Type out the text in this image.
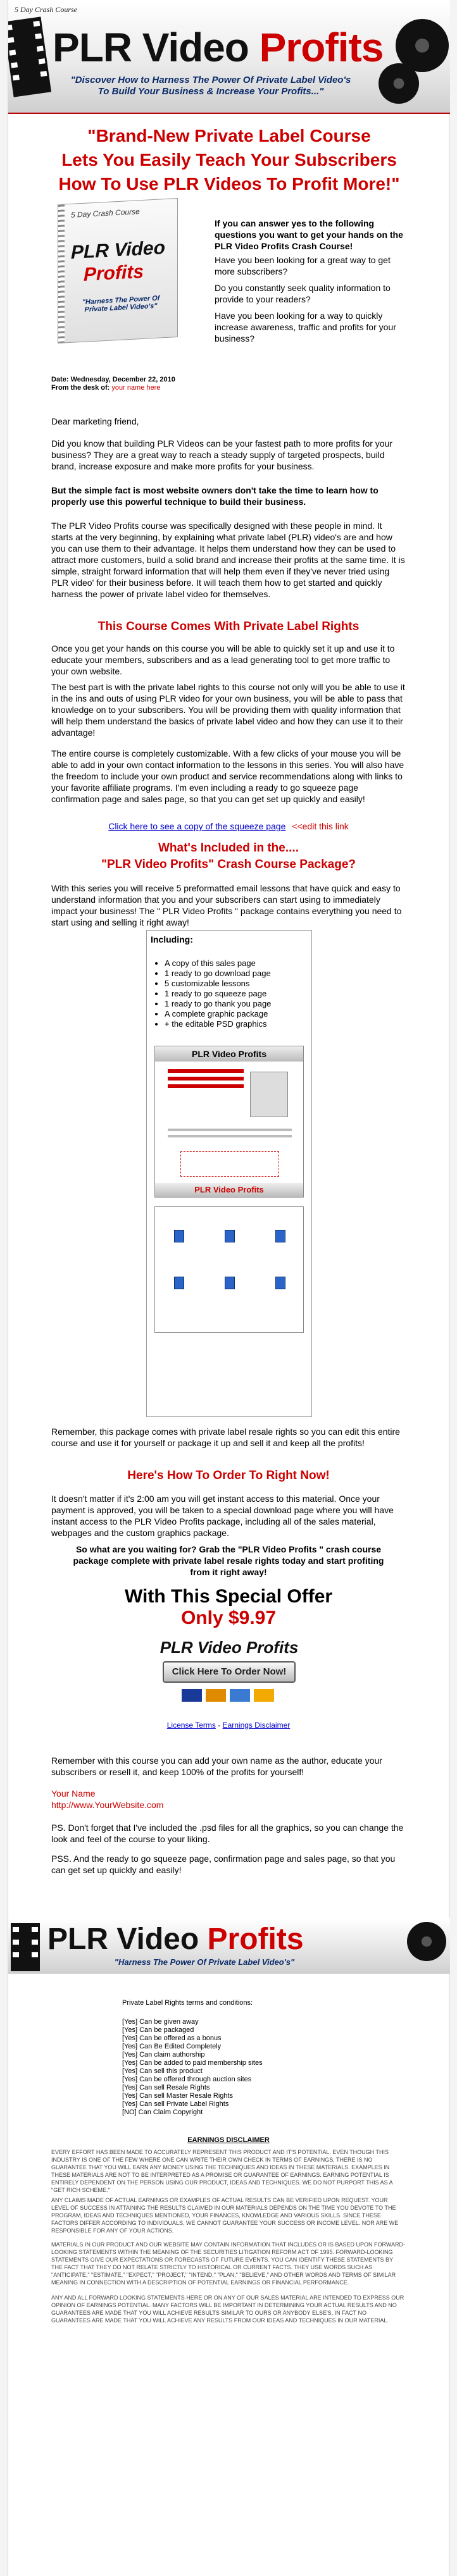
5 Day Crash Course
PLR Video Profits
"Discover How to Harness The Power Of Private Label Video's
To Build Your Business & Increase Your Profits..."
"Brand-New Private Label Course
Lets You Easily Teach Your Subscribers
How To Use PLR Videos To Profit More!"
5 Day Crash Course
PLR Video
Profits
"Harness The Power Of Private Label Video's"
If you can answer yes to the following questions you want to get your hands on the PLR Video Profits Crash Course!
Have you been looking for a great way to get more subscribers?
Do you constantly seek quality information to provide to your readers?
Have you been looking for a way to quickly increase awareness, traffic and profits for your business?
Date: Wednesday, December 22, 2010
From the desk of: your name here
Dear marketing friend,
Did you know that building PLR Videos can be your fastest path to more profits for your business? They are a great way to reach a steady supply of targeted prospects, build brand, increase exposure and make more profits for your business.
But the simple fact is most website owners don't take the time to learn how to properly use this powerful technique to build their business.
The PLR Video Profits course was specifically designed with these people in mind. It starts at the very beginning, by explaining what private label (PLR) video's are and how you can use them to their advantage. It helps them understand how they can be used to attract more customers, build a solid brand and increase their profits at the same time. It is simple, straight forward information that will help them even if they've never tried using PLR video' for their business before. It will teach them how to get started and quickly harness the power of private label video for themselves.
This Course Comes With Private Label Rights
Once you get your hands on this course you will be able to quickly set it up and use it to educate your members, subscribers and as a lead generating tool to get more traffic to your own website.
The best part is with the private label rights to this course not only will you be able to use it in the ins and outs of using PLR video for your own business, you will be able to pass that knowledge on to your subscribers. You will be providing them with quality information that will help them understand the basics of private label video and how they can use it to their advantage!
The entire course is completely customizable. With a few clicks of your mouse you will be able to add in your own contact information to the lessons in this series. You will also have the freedom to include your own product and service recommendations along with links to your favorite affiliate programs. I'm even including a ready to go squeeze page confirmation page and sales page, so that you can get set up quickly and easily!
Click here to see a copy of the squeeze page <<edit this link
What's Included in the....
"PLR Video Profits" Crash Course Package?
With this series you will receive 5 preformatted email lessons that have quick and easy to understand information that you and your subscribers can start using to immediately impact your business! The " PLR Video Profits " package contains everything you need to start using and selling it right away!
Including:
• A copy of this sales page
• 1 ready to go download page
• 5 customizable lessons
• 1 ready to go squeeze page
• 1 ready to go thank you page
• A complete graphic package
• + the editable PSD graphics
PLR Video Profits
PLR Video Profits
Remember, this package comes with private label resale rights so you can edit this entire course and use it for yourself or package it up and sell it and keep all the profits!
Here's How To Order To Right Now!
It doesn't matter if it's 2:00 am you will get instant access to this material. Once your payment is approved, you will be taken to a special download page where you will have instant access to the PLR Video Profits package, including all of the sales material, webpages and the custom graphics package.
So what are you waiting for? Grab the "PLR Video Profits " crash course package complete with private label resale rights today and start profiting from it right away!
With This Special Offer
Only $9.97
PLR Video Profits
Click Here To Order Now!
License Terms - Earnings Disclaimer
Remember with this course you can add your own name as the author, educate your subscribers or resell it, and keep 100% of the profits for yourself!
Your Name
http://www.YourWebsite.com
PS. Don't forget that I've included the .psd files for all the graphics, so you can change the look and feel of the course to your liking.
PSS. And the ready to go squeeze page, confirmation page and sales page, so that you can get set up quickly and easily!
PLR Video Profits
"Harness The Power Of Private Label Video's"
Private Label Rights terms and conditions:
[Yes] Can be given away
[Yes] Can be packaged
[Yes] Can be offered as a bonus
[Yes] Can Be Edited Completely
[Yes] Can claim authorship
[Yes] Can be added to paid membership sites
[Yes] Can sell this product
[Yes] Can be offered through auction sites
[Yes] Can sell Resale Rights
[Yes] Can sell Master Resale Rights
[Yes] Can sell Private Label Rights
[NO] Can Claim Copyright
EARNINGS DISCLAIMER
EVERY EFFORT HAS BEEN MADE TO ACCURATELY REPRESENT THIS PRODUCT AND IT'S POTENTIAL. EVEN THOUGH THIS INDUSTRY IS ONE OF THE FEW WHERE ONE CAN WRITE THEIR OWN CHECK IN TERMS OF EARNINGS, THERE IS NO GUARANTEE THAT YOU WILL EARN ANY MONEY USING THE TECHNIQUES AND IDEAS IN THESE MATERIALS. EXAMPLES IN THESE MATERIALS ARE NOT TO BE INTERPRETED AS A PROMISE OR GUARANTEE OF EARNINGS. EARNING POTENTIAL IS ENTIRELY DEPENDENT ON THE PERSON USING OUR PRODUCT, IDEAS AND TECHNIQUES. WE DO NOT PURPORT THIS AS A "GET RICH SCHEME."
ANY CLAIMS MADE OF ACTUAL EARNINGS OR EXAMPLES OF ACTUAL RESULTS CAN BE VERIFIED UPON REQUEST. YOUR LEVEL OF SUCCESS IN ATTAINING THE RESULTS CLAIMED IN OUR MATERIALS DEPENDS ON THE TIME YOU DEVOTE TO THE PROGRAM, IDEAS AND TECHNIQUES MENTIONED, YOUR FINANCES, KNOWLEDGE AND VARIOUS SKILLS. SINCE THESE FACTORS DIFFER ACCORDING TO INDIVIDUALS, WE CANNOT GUARANTEE YOUR SUCCESS OR INCOME LEVEL. NOR ARE WE RESPONSIBLE FOR ANY OF YOUR ACTIONS.
MATERIALS IN OUR PRODUCT AND OUR WEBSITE MAY CONTAIN INFORMATION THAT INCLUDES OR IS BASED UPON FORWARD-LOOKING STATEMENTS WITHIN THE MEANING OF THE SECURITIES LITIGATION REFORM ACT OF 1995. FORWARD-LOOKING STATEMENTS GIVE OUR EXPECTATIONS OR FORECASTS OF FUTURE EVENTS. YOU CAN IDENTIFY THESE STATEMENTS BY THE FACT THAT THEY DO NOT RELATE STRICTLY TO HISTORICAL OR CURRENT FACTS. THEY USE WORDS SUCH AS "ANTICIPATE," "ESTIMATE," "EXPECT," "PROJECT," "INTEND," "PLAN," "BELIEVE," AND OTHER WORDS AND TERMS OF SIMILAR MEANING IN CONNECTION WITH A DESCRIPTION OF POTENTIAL EARNINGS OR FINANCIAL PERFORMANCE.
ANY AND ALL FORWARD LOOKING STATEMENTS HERE OR ON ANY OF OUR SALES MATERIAL ARE INTENDED TO EXPRESS OUR OPINION OF EARNINGS POTENTIAL. MANY FACTORS WILL BE IMPORTANT IN DETERMINING YOUR ACTUAL RESULTS AND NO GUARANTEES ARE MADE THAT YOU WILL ACHIEVE RESULTS SIMILAR TO OURS OR ANYBODY ELSE'S, IN FACT NO GUARANTEES ARE MADE THAT YOU WILL ACHIEVE ANY RESULTS FROM OUR IDEAS AND TECHNIQUES IN OUR MATERIAL.
